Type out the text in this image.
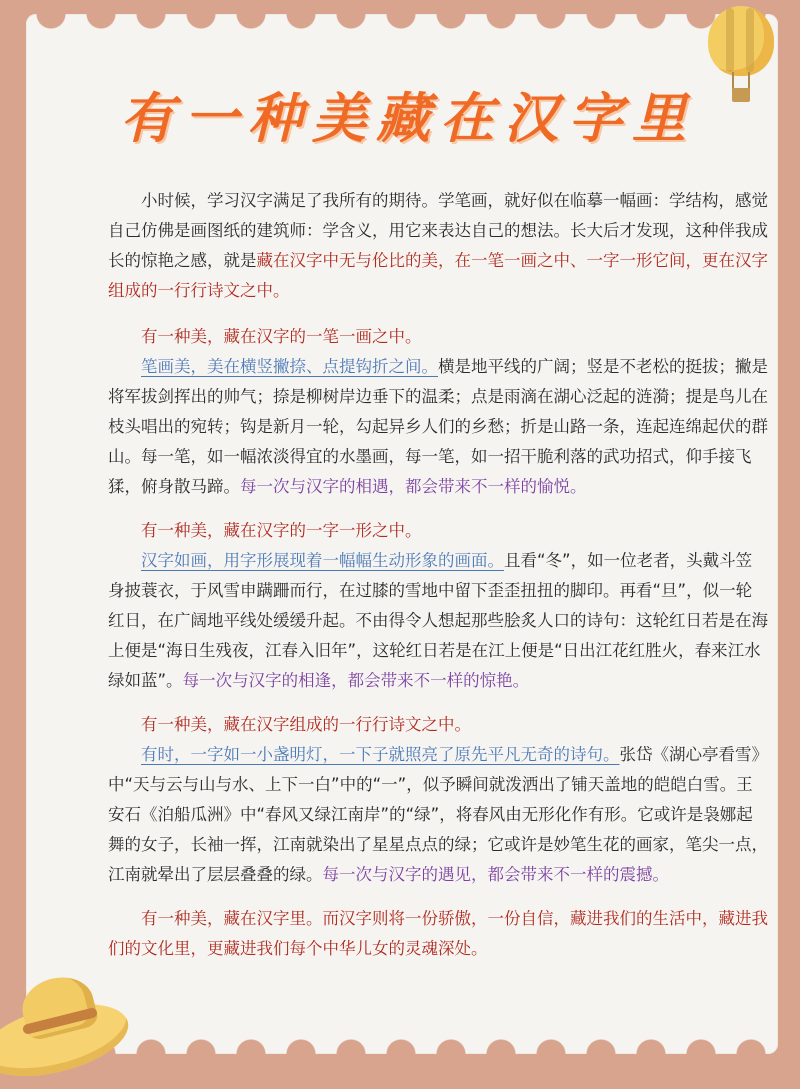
有一种美藏在汉字里

小时候，学习汉字满足了我所有的期待。学笔画，就好似在临摹一幅画：学结构，感觉自己仿佛是画图纸的建筑师：学含义，用它来表达自己的想法。长大后才发现，这种伴我成长的惊艳之感，就是藏在汉字中无与伦比的美，在一笔一画之中、一字一形它间，更在汉字组成的一行行诗文之中。

有一种美，藏在汉字的一笔一画之中。

笔画美，美在横竖撇捺、点提钩折之间。横是地平线的广阔；竖是不老松的挺拔；撇是将军拔剑挥出的帅气；捺是柳树岸边垂下的温柔；点是雨滴在湖心泛起的涟漪；提是鸟儿在枝头唱出的宛转；钩是新月一轮，勾起异乡人们的乡愁；折是山路一条，连起连绵起伏的群山。每一笔，如一幅浓淡得宜的水墨画，每一笔，如一招干脆利落的武功招式，仰手接飞猱，俯身散马蹄。每一次与汉字的相遇，都会带来不一样的愉悦。

有一种美，藏在汉字的一字一形之中。

汉字如画，用字形展现着一幅幅生动形象的画面。且看“冬”，如一位老者，头戴斗笠身披蓑衣，于风雪申蹒跚而行，在过膝的雪地中留下歪歪扭扭的脚印。再看“旦”，似一轮红日，在广阔地平线处缓缓升起。不由得令人想起那些脍炙人口的诗句：这轮红日若是在海上便是“海日生残夜，江春入旧年”，这轮红日若是在江上便是“日出江花红胜火，春来江水绿如蓝”。每一次与汉字的相逢，都会带来不一样的惊艳。

有一种美，藏在汉字组成的一行行诗文之中。

有时，一字如一小盏明灯，一下子就照亮了原先平凡无奇的诗句。张岱《湖心亭看雪》中“天与云与山与水、上下一白”中的“一”，似予瞬间就泼洒出了铺天盖地的皑皑白雪。王安石《泊船瓜洲》中“春风又绿江南岸”的“绿”，将春风由无形化作有形。它或许是袅娜起舞的女子，长袖一挥，江南就染出了星星点点的绿；它或许是妙笔生花的画家，笔尖一点，江南就晕出了层层叠叠的绿。每一次与汉字的遇见，都会带来不一样的震撼。

有一种美，藏在汉字里。而汉字则将一份骄傲，一份自信，藏进我们的生活中，藏进我们的文化里，更藏进我们每个中华儿女的灵魂深处。
